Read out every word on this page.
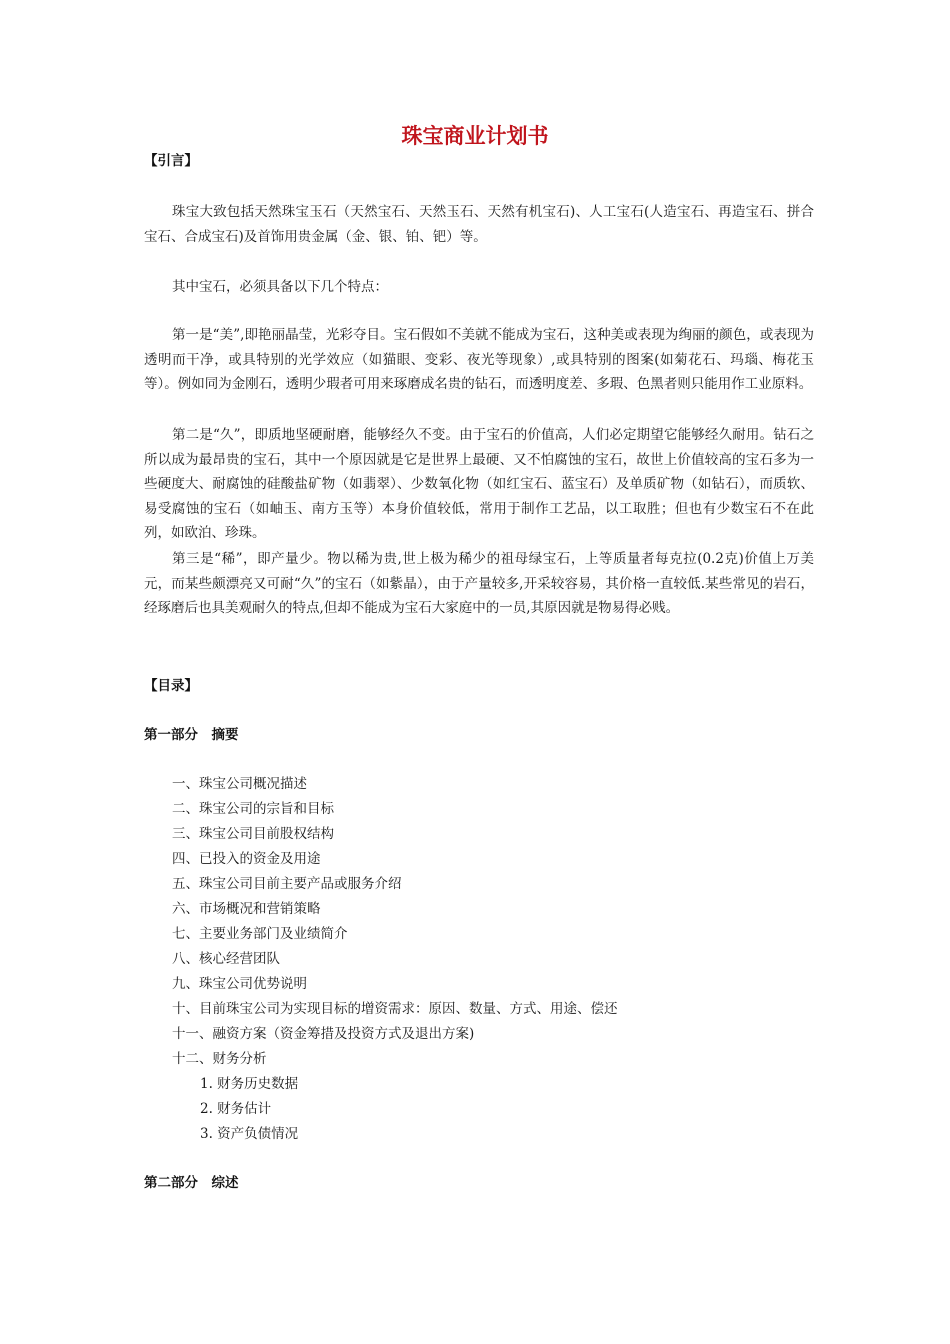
珠宝商业计划书
【引言】

珠宝大致包括天然珠宝玉石（天然宝石、天然玉石、天然有机宝石)、人工宝石(人造宝石、再造宝石、拼合宝石、合成宝石)及首饰用贵金属（金、银、铂、钯）等。

其中宝石，必须具备以下几个特点：

第一是“美”,即艳丽晶莹，光彩夺目。宝石假如不美就不能成为宝石，这种美或表现为绚丽的颜色，或表现为透明而干净，或具特别的光学效应（如猫眼、变彩、夜光等现象）,或具特别的图案(如菊花石、玛瑙、梅花玉等）。例如同为金刚石，透明少瑕者可用来琢磨成名贵的钻石，而透明度差、多瑕、色黑者则只能用作工业原料。

第二是“久”，即质地坚硬耐磨，能够经久不变。由于宝石的价值高，人们必定期望它能够经久耐用。钻石之所以成为最昂贵的宝石，其中一个原因就是它是世界上最硬、又不怕腐蚀的宝石，故世上价值较高的宝石多为一些硬度大、耐腐蚀的硅酸盐矿物（如翡翠）、少数氧化物（如红宝石、蓝宝石）及单质矿物（如钻石），而质软、易受腐蚀的宝石（如岫玉、南方玉等）本身价值较低，常用于制作工艺品，以工取胜；但也有少数宝石不在此列，如欧泊、珍珠。

第三是“稀”，即产量少。物以稀为贵,世上极为稀少的祖母绿宝石，上等质量者每克拉(0.2克)价值上万美元，而某些颇漂亮又可耐“久”的宝石（如紫晶），由于产量较多,开采较容易，其价格一直较低.某些常见的岩石，经琢磨后也具美观耐久的特点,但却不能成为宝石大家庭中的一员,其原因就是物易得必贱。

【目录】
第一部分　摘要
一、珠宝公司概况描述
二、珠宝公司的宗旨和目标
三、珠宝公司目前股权结构
四、已投入的资金及用途
五、珠宝公司目前主要产品或服务介绍
六、市场概况和营销策略
七、主要业务部门及业绩简介
八、核心经营团队
九、珠宝公司优势说明
十、目前珠宝公司为实现目标的增资需求：原因、数量、方式、用途、偿还
十一、融资方案（资金筹措及投资方式及退出方案)
十二、财务分析
1. 财务历史数据
2. 财务估计
3. 资产负债情况
第二部分　综述
